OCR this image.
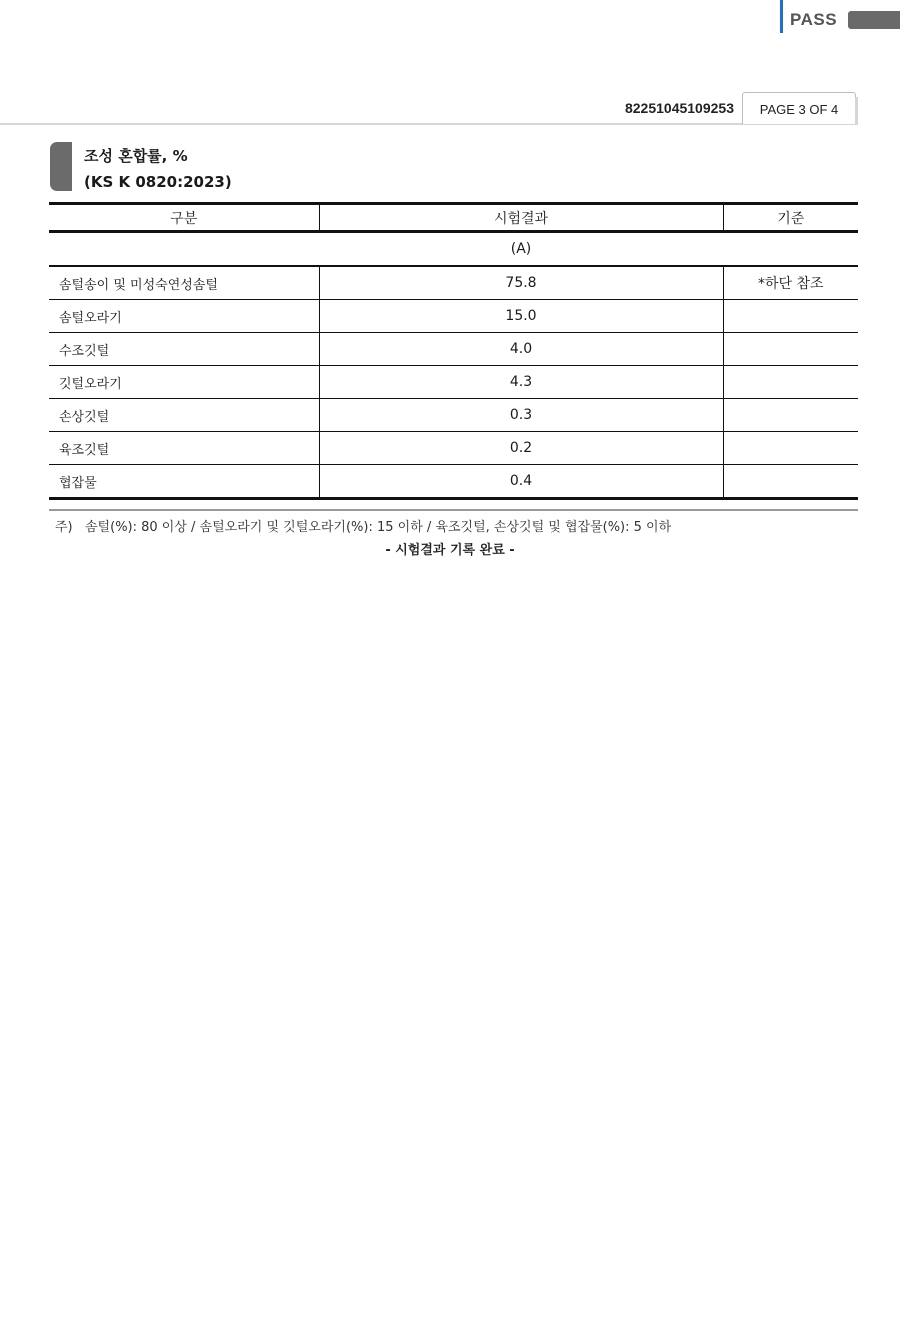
PASS
82251045109253	PAGE 3 OF 4
조성 혼합률, %
(KS K 0820:2023)
구분	시험결과	기준
	(A)	
솜털송이 및 미성숙연성솜털	75.8	*하단 참조
솜털오라기	15.0	
수조깃털	4.0	
깃털오라기	4.3	
손상깃털	0.3	
육조깃털	0.2	
협잡물	0.4	
주) 솜털(%): 80 이상 / 솜털오라기 및 깃털오라기(%): 15 이하 / 육조깃털, 손상깃털 및 협잡물(%): 5 이하
- 시험결과 기록 완료 -
